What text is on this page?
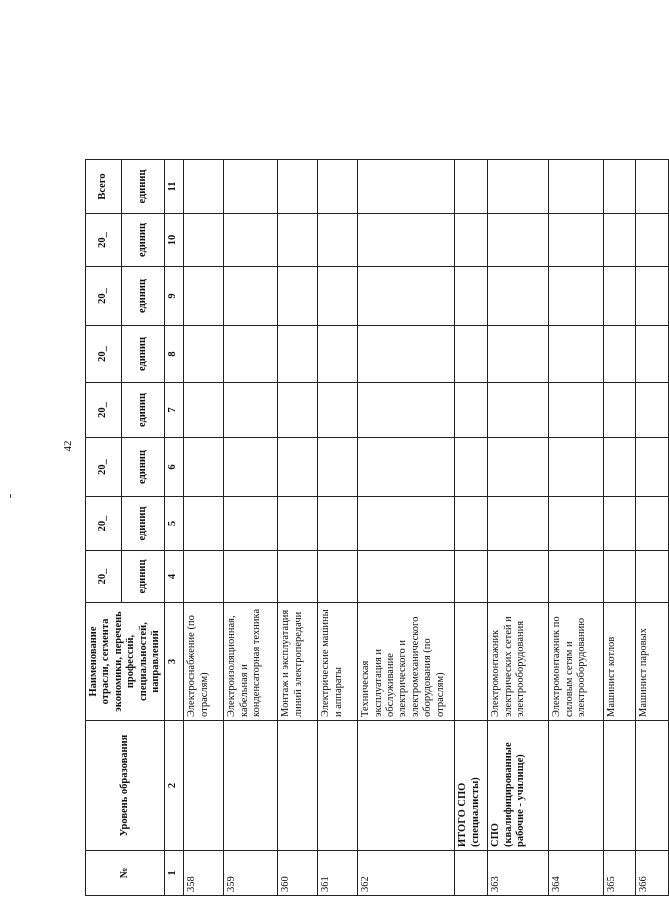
42
№	Уровень образования	Наименование отрасли, сегмента экономики, перечень профессий, специальностей, направлений	20_	20_	20_	20_	20_	20_	20_	Всего
			единиц	единиц	единиц	единиц	единиц	единиц	единиц	единиц
1	2	3	4	5	6	7	8	9	10	11
358		Электроснабжение (по отраслям)								
359		Электроизоляционная, кабельная и конденсаторная техника								
360		Монтаж и эксплуатация линий электропередачи								
361		Электрические машины и аппараты								
362		Техническая эксплуатация и обслуживание электрического и электромеханического оборудования (по отраслям)								
	ИТОГО СПО (специалисты)									
363	СПО (квалифицированные рабочие - училище)	Электромонтажник электрических сетей и электрооборудования								
364		Электромонтажник по силовым сетям и электрооборудованию								
365		Машинист котлов								
366		Машинист паровых								
